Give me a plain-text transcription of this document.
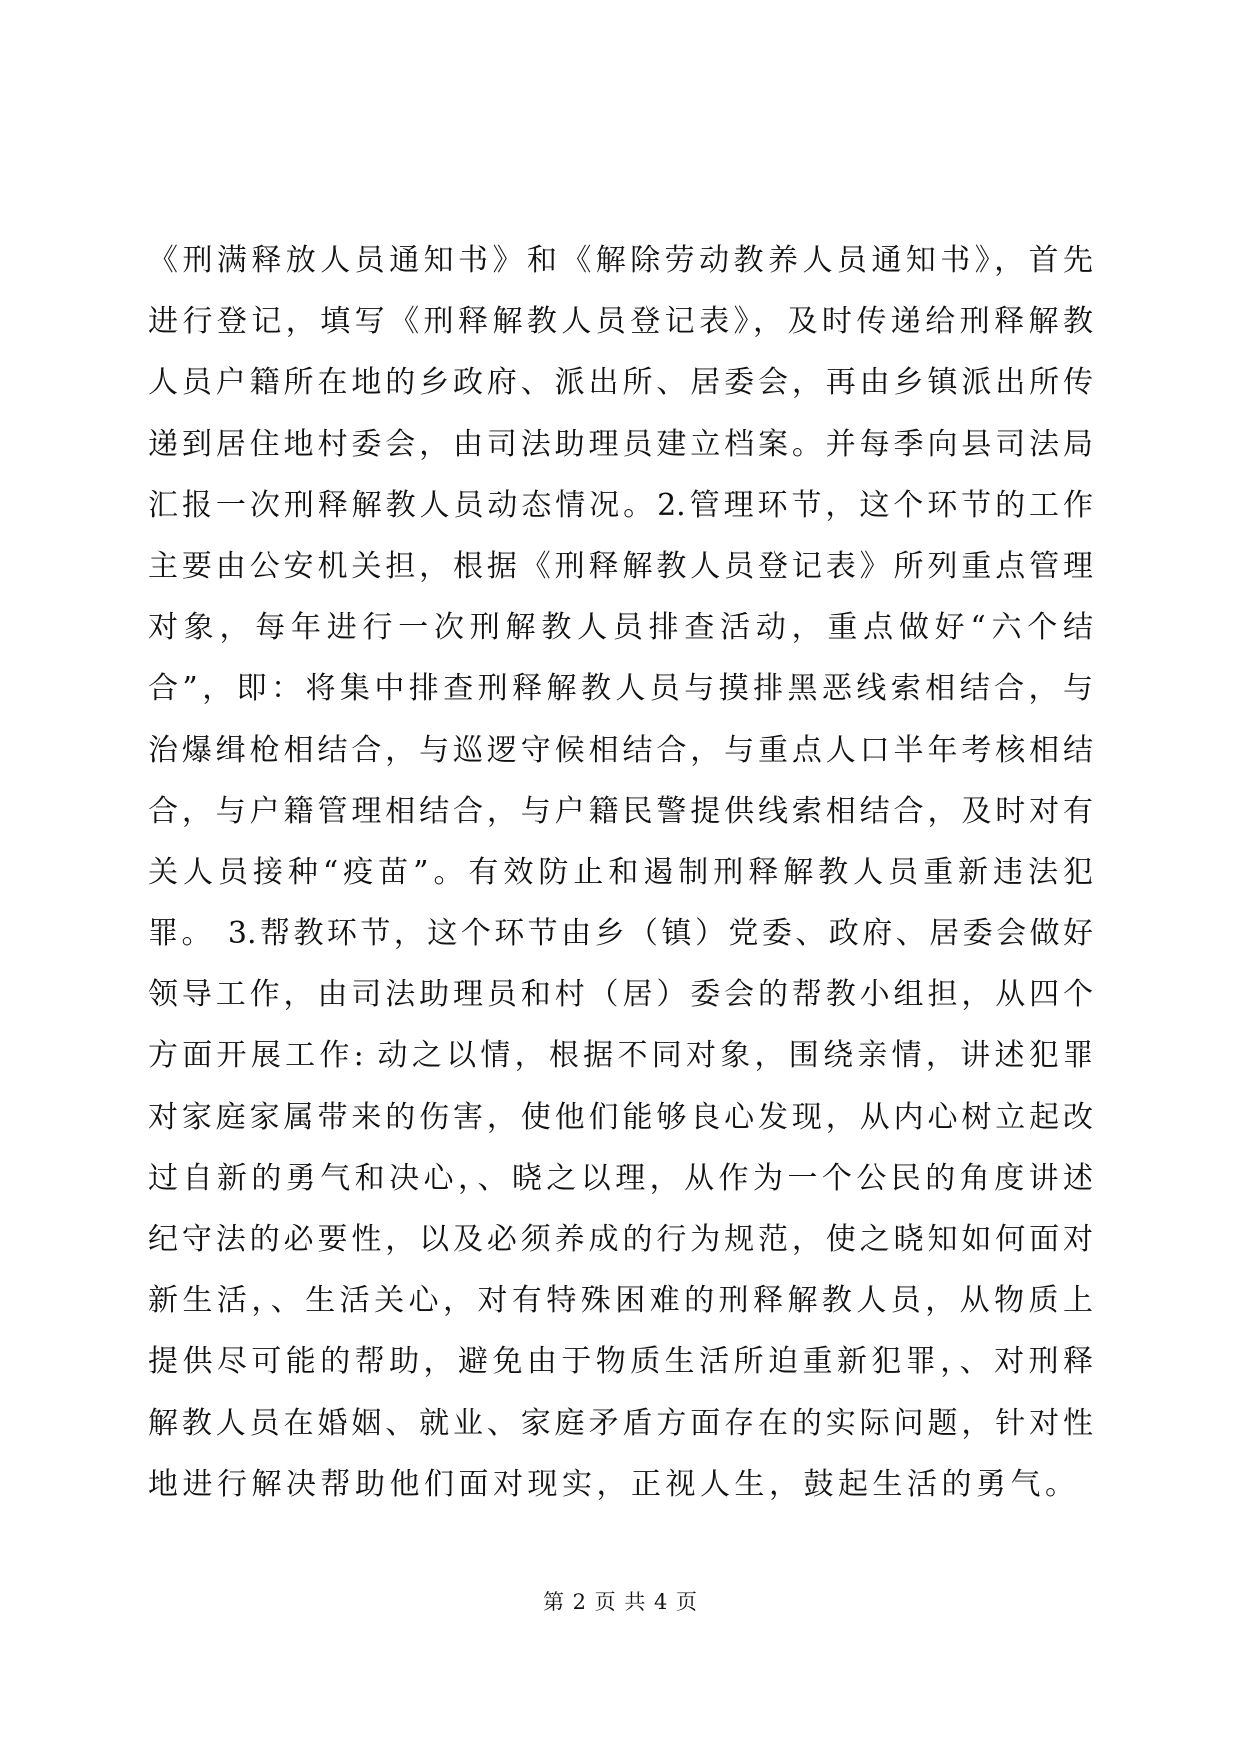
《刑满释放人员通知书》和《解除劳动教养人员通知书》，首先
进行登记，填写《刑释解教人员登记表》，及时传递给刑释解教
人员户籍所在地的乡政府、派出所、居委会，再由乡镇派出所传
递到居住地村委会，由司法助理员建立档案。并每季向县司法局
汇报一次刑释解教人员动态情况。2.管理环节，这个环节的工作
主要由公安机关担，根据《刑释解教人员登记表》所列重点管理
对象，每年进行一次刑解教人员排查活动，重点做好“六个结
合”，即：将集中排查刑释解教人员与摸排黑恶线索相结合，与
治爆缉枪相结合，与巡逻守候相结合，与重点人口半年考核相结
合，与户籍管理相结合，与户籍民警提供线索相结合，及时对有
关人员接种“疫苗”。有效防止和遏制刑释解教人员重新违法犯
罪。 3.帮教环节，这个环节由乡（镇）党委、政府、居委会做好
领导工作，由司法助理员和村（居）委会的帮教小组担，从四个
方面开展工作: 动之以情，根据不同对象，围绕亲情，讲述犯罪
对家庭家属带来的伤害，使他们能够良心发现，从内心树立起改
过自新的勇气和决心，、晓之以理，从作为一个公民的角度讲述
纪守法的必要性，以及必须养成的行为规范，使之晓知如何面对
新生活，、生活关心，对有特殊困难的刑释解教人员，从物质上
提供尽可能的帮助，避免由于物质生活所迫重新犯罪，、对刑释
解教人员在婚姻、就业、家庭矛盾方面存在的实际问题，针对性
地进行解决帮助他们面对现实，正视人生，鼓起生活的勇气。
第 2 页 共 4 页
